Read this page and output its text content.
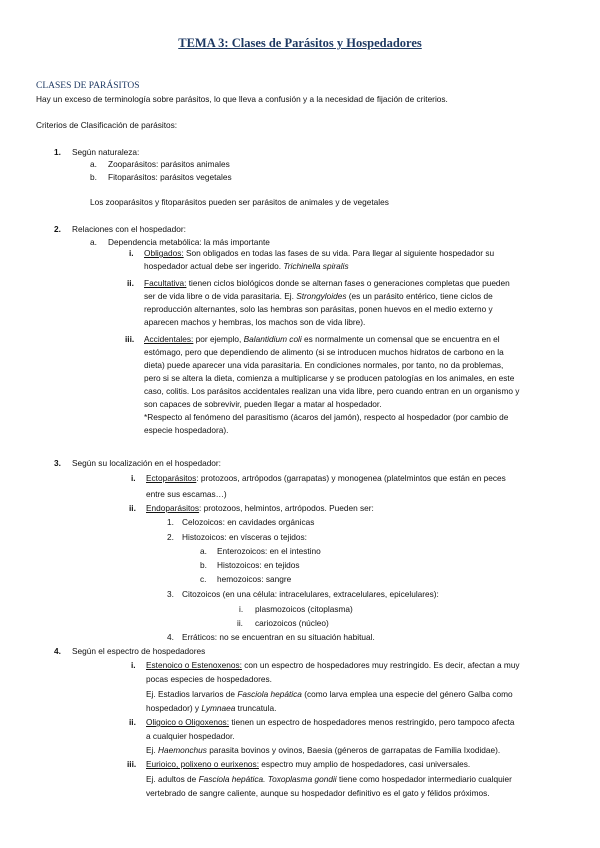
TEMA 3: Clases de Parásitos y Hospedadores
CLASES DE PARÁSITOS
Hay un exceso de terminología sobre parásitos, lo que lleva a confusión y a la necesidad de fijación de criterios.
Criterios de Clasificación de parásitos:
1. Según naturaleza:
a. Zooparásitos: parásitos animales
b. Fitoparásitos: parásitos vegetales
Los zooparásitos y fitoparásitos pueden ser parásitos de animales y de vegetales
2. Relaciones con el hospedador:
a. Dependencia metabólica: la más importante
i. Obligados: Son obligados en todas las fases de su vida. Para llegar al siguiente hospedador su
hospedador actual debe ser ingerido. Trichinella spiralis
ii. Facultativa: tienen ciclos biológicos donde se alternan fases o generaciones completas que pueden
ser de vida libre o de vida parasitaria. Ej. Strongyloides (es un parásito entérico, tiene ciclos de
reproducción alternantes, solo las hembras son parásitas, ponen huevos en el medio externo y
aparecen machos y hembras, los machos son de vida libre).
iii. Accidentales: por ejemplo, Balantidium coli es normalmente un comensal que se encuentra en el
estómago, pero que dependiendo de alimento (si se introducen muchos hidratos de carbono en la
dieta) puede aparecer una vida parasitaria. En condiciones normales, por tanto, no da problemas,
pero si se altera la dieta, comienza a multiplicarse y se producen patologías en los animales, en este
caso, colitis. Los parásitos accidentales realizan una vida libre, pero cuando entran en un organismo y
son capaces de sobrevivir, pueden llegar a matar al hospedador.
*Respecto al fenómeno del parasitismo (ácaros del jamón), respecto al hospedador (por cambio de
especie hospedadora).
3. Según su localización en el hospedador:
i. Ectoparásitos: protozoos, artrópodos (garrapatas) y monogenea (platelmintos que están en peces
entre sus escamas…)
ii. Endoparásitos: protozoos, helmintos, artrópodos. Pueden ser:
1. Celozoicos: en cavidades orgánicas
2. Histozoicos: en vísceras o tejidos:
a. Enterozoicos: en el intestino
b. Histozoicos: en tejidos
c. hemozoicos: sangre
3. Citozoicos (en una célula: intracelulares, extracelulares, epicelulares):
i. plasmozoicos (citoplasma)
ii. cariozoicos (núcleo)
4. Erráticos: no se encuentran en su situación habitual.
4. Según el espectro de hospedadores
i. Estenoico o Estenoxenos: con un espectro de hospedadores muy restringido. Es decir, afectan a muy
pocas especies de hospedadores.
Ej. Estadios larvarios de Fasciola hepática (como larva emplea una especie del género Galba como
hospedador) y Lymnaea truncatula.
ii. Oligoico o Oligoxenos: tienen un espectro de hospedadores menos restringido, pero tampoco afecta
a cualquier hospedador.
Ej. Haemonchus parasita bovinos y ovinos, Baesia (géneros de garrapatas de Familia Ixodidae).
iii. Eurioico, polixeno o eurixenos: espectro muy amplio de hospedadores, casi universales.
Ej. adultos de Fasciola hepática. Toxoplasma gondii tiene como hospedador intermediario cualquier
vertebrado de sangre caliente, aunque su hospedador definitivo es el gato y félidos próximos.
